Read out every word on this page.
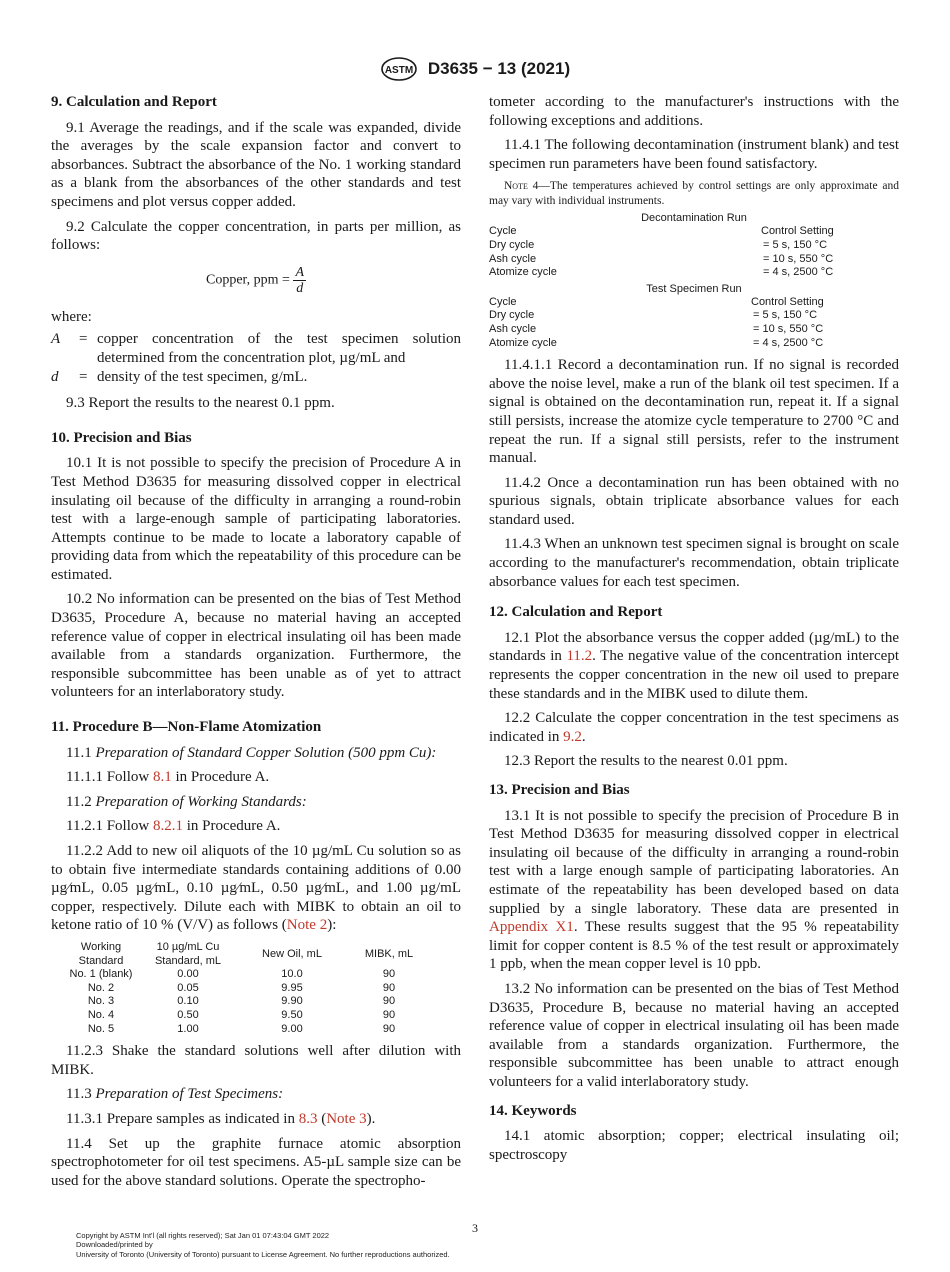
ASTM D3635 − 13 (2021)
9. Calculation and Report

9.1 Average the readings, and if the scale was expanded, divide the averages by the scale expansion factor and convert to absorbances. Subtract the absorbance of the No. 1 working standard as a blank from the absorbances of the other standards and test specimens and plot versus copper added.

9.2 Calculate the copper concentration, in parts per million, as follows:

Copper, ppm = $\frac{A}{d}$

where:

A	= copper concentration of the test specimen solution determined from the concentration plot, µg/mL and
d	= density of the test specimen, g/mL.

9.3 Report the results to the nearest 0.1 ppm.

10. Precision and Bias

10.1 It is not possible to specify the precision of Procedure A in Test Method D3635 for measuring dissolved copper in electrical insulating oil because of the difficulty in arranging a round-robin test with a large-enough sample of participating laboratories. Attempts continue to be made to locate a laboratory capable of providing data from which the repeatability of this procedure can be estimated.

10.2 No information can be presented on the bias of Test Method D3635, Procedure A, because no material having an accepted reference value of copper in electrical insulating oil has been made available from a standards organization. Furthermore, the responsible subcommittee has been unable as of yet to attract volunteers for an interlaboratory study.

11. Procedure B—Non-Flame Atomization

11.1 Preparation of Standard Copper Solution (500 ppm Cu):

11.1.1 Follow 8.1 in Procedure A.

11.2 Preparation of Working Standards:

11.2.1 Follow 8.2.1 in Procedure A.

11.2.2 Add to new oil aliquots of the 10 µg/mL Cu solution so as to obtain five intermediate standards containing additions of 0.00 µg⁄mL, 0.05 µg⁄mL, 0.10 µg⁄mL, 0.50 µg⁄mL, and 1.00 µg/mL copper, respectively. Dilute each with MIBK to obtain an oil to ketone ratio of 10 % (V/V) as follows (Note 2):

Working
Standard	10 µg/mL Cu
Standard, mL	New Oil, mL	MIBK, mL
No. 1 (blank)	0.00	10.0	90
No. 2	0.05	9.95	90
No. 3	0.10	9.90	90
No. 4	0.50	9.50	90
No. 5	1.00	9.00	90

11.2.3 Shake the standard solutions well after dilution with MIBK.

11.3 Preparation of Test Specimens:

11.3.1 Prepare samples as indicated in 8.3 (Note 3).

11.4 Set up the graphite furnace atomic absorption spectrophotometer for oil test specimens. A5-µL sample size can be used for the above standard solutions. Operate the spectropho-

tometer according to the manufacturer's instructions with the following exceptions and additions.

11.4.1 The following decontamination (instrument blank) and test specimen run parameters have been found satisfactory.

Note 4—The temperatures achieved by control settings are only approximate and may vary with individual instruments.
Decontamination Run
Cycle	Control Setting
Dry cycle	= 5 s, 150 °C
Ash cycle	= 10 s, 550 °C
Atomize cycle	= 4 s, 2500 °C
Test Specimen Run
Cycle	Control Setting
Dry cycle	= 5 s, 150 °C
Ash cycle	= 10 s, 550 °C
Atomize cycle	= 4 s, 2500 °C

11.4.1.1 Record a decontamination run. If no signal is recorded above the noise level, make a run of the blank oil test specimen. If a signal is obtained on the decontamination run, repeat it. If a signal still persists, increase the atomize cycle temperature to 2700 °C and repeat the run. If a signal still persists, refer to the instrument manual.

11.4.2 Once a decontamination run has been obtained with no spurious signals, obtain triplicate absorbance values for each standard used.

11.4.3 When an unknown test specimen signal is brought on scale according to the manufacturer's recommendation, obtain triplicate absorbance values for each test specimen.

12. Calculation and Report

12.1 Plot the absorbance versus the copper added (µg/mL) to the standards in 11.2. The negative value of the concentration intercept represents the copper concentration in the new oil used to prepare these standards and in the MIBK used to dilute them.

12.2 Calculate the copper concentration in the test specimens as indicated in 9.2.

12.3 Report the results to the nearest 0.01 ppm.

13. Precision and Bias

13.1 It is not possible to specify the precision of Procedure B in Test Method D3635 for measuring dissolved copper in electrical insulating oil because of the difficulty in arranging a round-robin test with a large enough sample of participating laboratories. An estimate of the repeatability has been developed based on data supplied by a single laboratory. These data are presented in Appendix X1. These results suggest that the 95 % repeatability limit for copper content is 8.5 % of the test result or approximately 1 ppb, when the mean copper level is 10 ppb.

13.2 No information can be presented on the bias of Test Method D3635, Procedure B, because no material having an accepted reference value of copper in electrical insulating oil has been made available from a standards organization. Furthermore, the responsible subcommittee has been unable to attract enough volunteers for a valid interlaboratory study.

14. Keywords

14.1 atomic absorption; copper; electrical insulating oil; spectroscopy

3
Copyright by ASTM Int'l (all rights reserved); Sat Jan 01 07:43:04 GMT 2022
Downloaded/printed by
University of Toronto (University of Toronto) pursuant to License Agreement. No further reproductions authorized.
